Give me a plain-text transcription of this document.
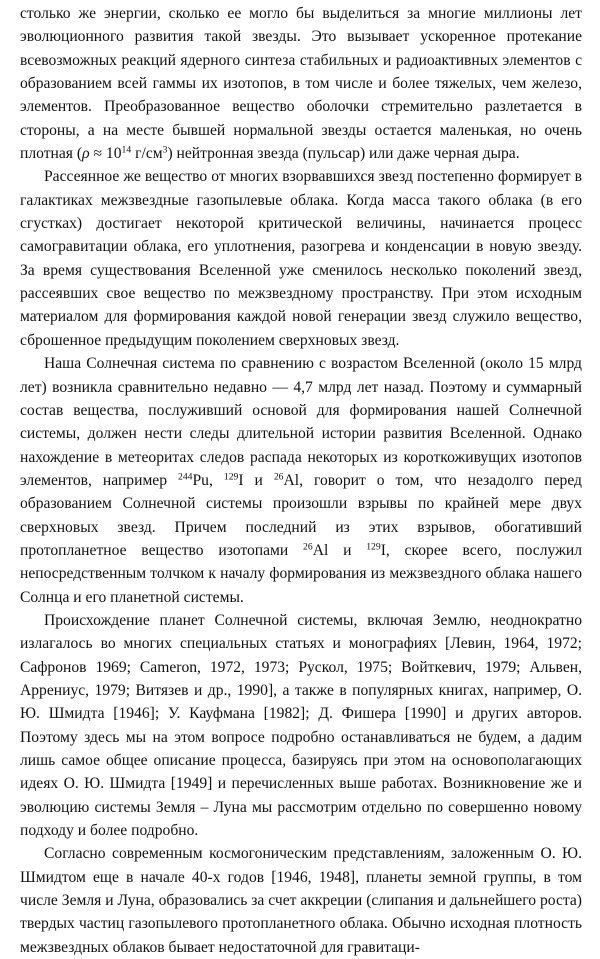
столько же энергии, сколько ее могло бы выделиться за многие миллионы лет эволюционного развития такой звезды. Это вызывает ускоренное протекание всевозможных реакций ядерного синтеза стабильных и радиоактивных элементов с образованием всей гаммы их изотопов, в том числе и более тяжелых, чем железо, элементов. Преобразованное вещество оболочки стремительно разлетается в стороны, а на месте бывшей нормальной звезды остается маленькая, но очень плотная ($\rho \approx 10^{14}$ $г/см^3$) нейтронная звезда (пульсар) или даже черная дыра.

Рассеянное же вещество от многих взорвавшихся звезд постепенно формирует в галактиках межзвездные газопылевые облака. Когда масса такого облака (в его сгустках) достигает некоторой критической величины, начинается процесс самогравитации облака, его уплотнения, разогрева и конденсации в новую звезду. За время существования Вселенной уже сменилось несколько поколений звезд, рассеявших свое вещество по межзвездному пространству. При этом исходным материалом для формирования каждой новой генерации звезд служило вещество, сброшенное предыдущим поколением сверхновых звезд.

Наша Солнечная система по сравнению с возрастом Вселенной (около 15 млрд лет) возникла сравнительно недавно — 4,7 млрд лет назад. Поэтому и суммарный состав вещества, послуживший основой для формирования нашей Солнечной системы, должен нести следы длительной истории развития Вселенной. Однако нахождение в метеоритах следов распада некоторых из короткоживущих изотопов элементов, например $^{244}$Pu, $^{129}$I и $^{26}$Al, говорит о том, что незадолго перед образованием Солнечной системы произошли взрывы по крайней мере двух сверхновых звезд. Причем последний из этих взрывов, обогативший протопланетное вещество изотопами $^{26}$Al и $^{129}$I, скорее всего, послужил непосредственным толчком к началу формирования из межзвездного облака нашего Солнца и его планетной системы.

Происхождение планет Солнечной системы, включая Землю, неоднократно излагалось во многих специальных статьях и монографиях [Левин, 1964, 1972; Сафронов 1969; Cameron, 1972, 1973; Рускол, 1975; Войткевич, 1979; Альвен, Аррениус, 1979; Витязев и др., 1990], а также в популярных книгах, например, О. Ю. Шмидта [1946]; У. Кауфмана [1982]; Д. Фишера [1990] и других авторов. Поэтому здесь мы на этом вопросе подробно останавливаться не будем, а дадим лишь самое общее описание процесса, базируясь при этом на основополагающих идеях О. Ю. Шмидта [1949] и перечисленных выше работах. Возникновение же и эволюцию системы Земля – Луна мы рассмотрим отдельно по совершенно новому подходу и более подробно.

Согласно современным космогоническим представлениям, заложенным О. Ю. Шмидтом еще в начале 40-х годов [1946, 1948], планеты земной группы, в том числе Земля и Луна, образовались за счет аккреции (слипания и дальнейшего роста) твердых частиц газопылевого протопланетного облака. Обычно исходная плотность межзвездных облаков бывает недостаточной для гравитаци-
